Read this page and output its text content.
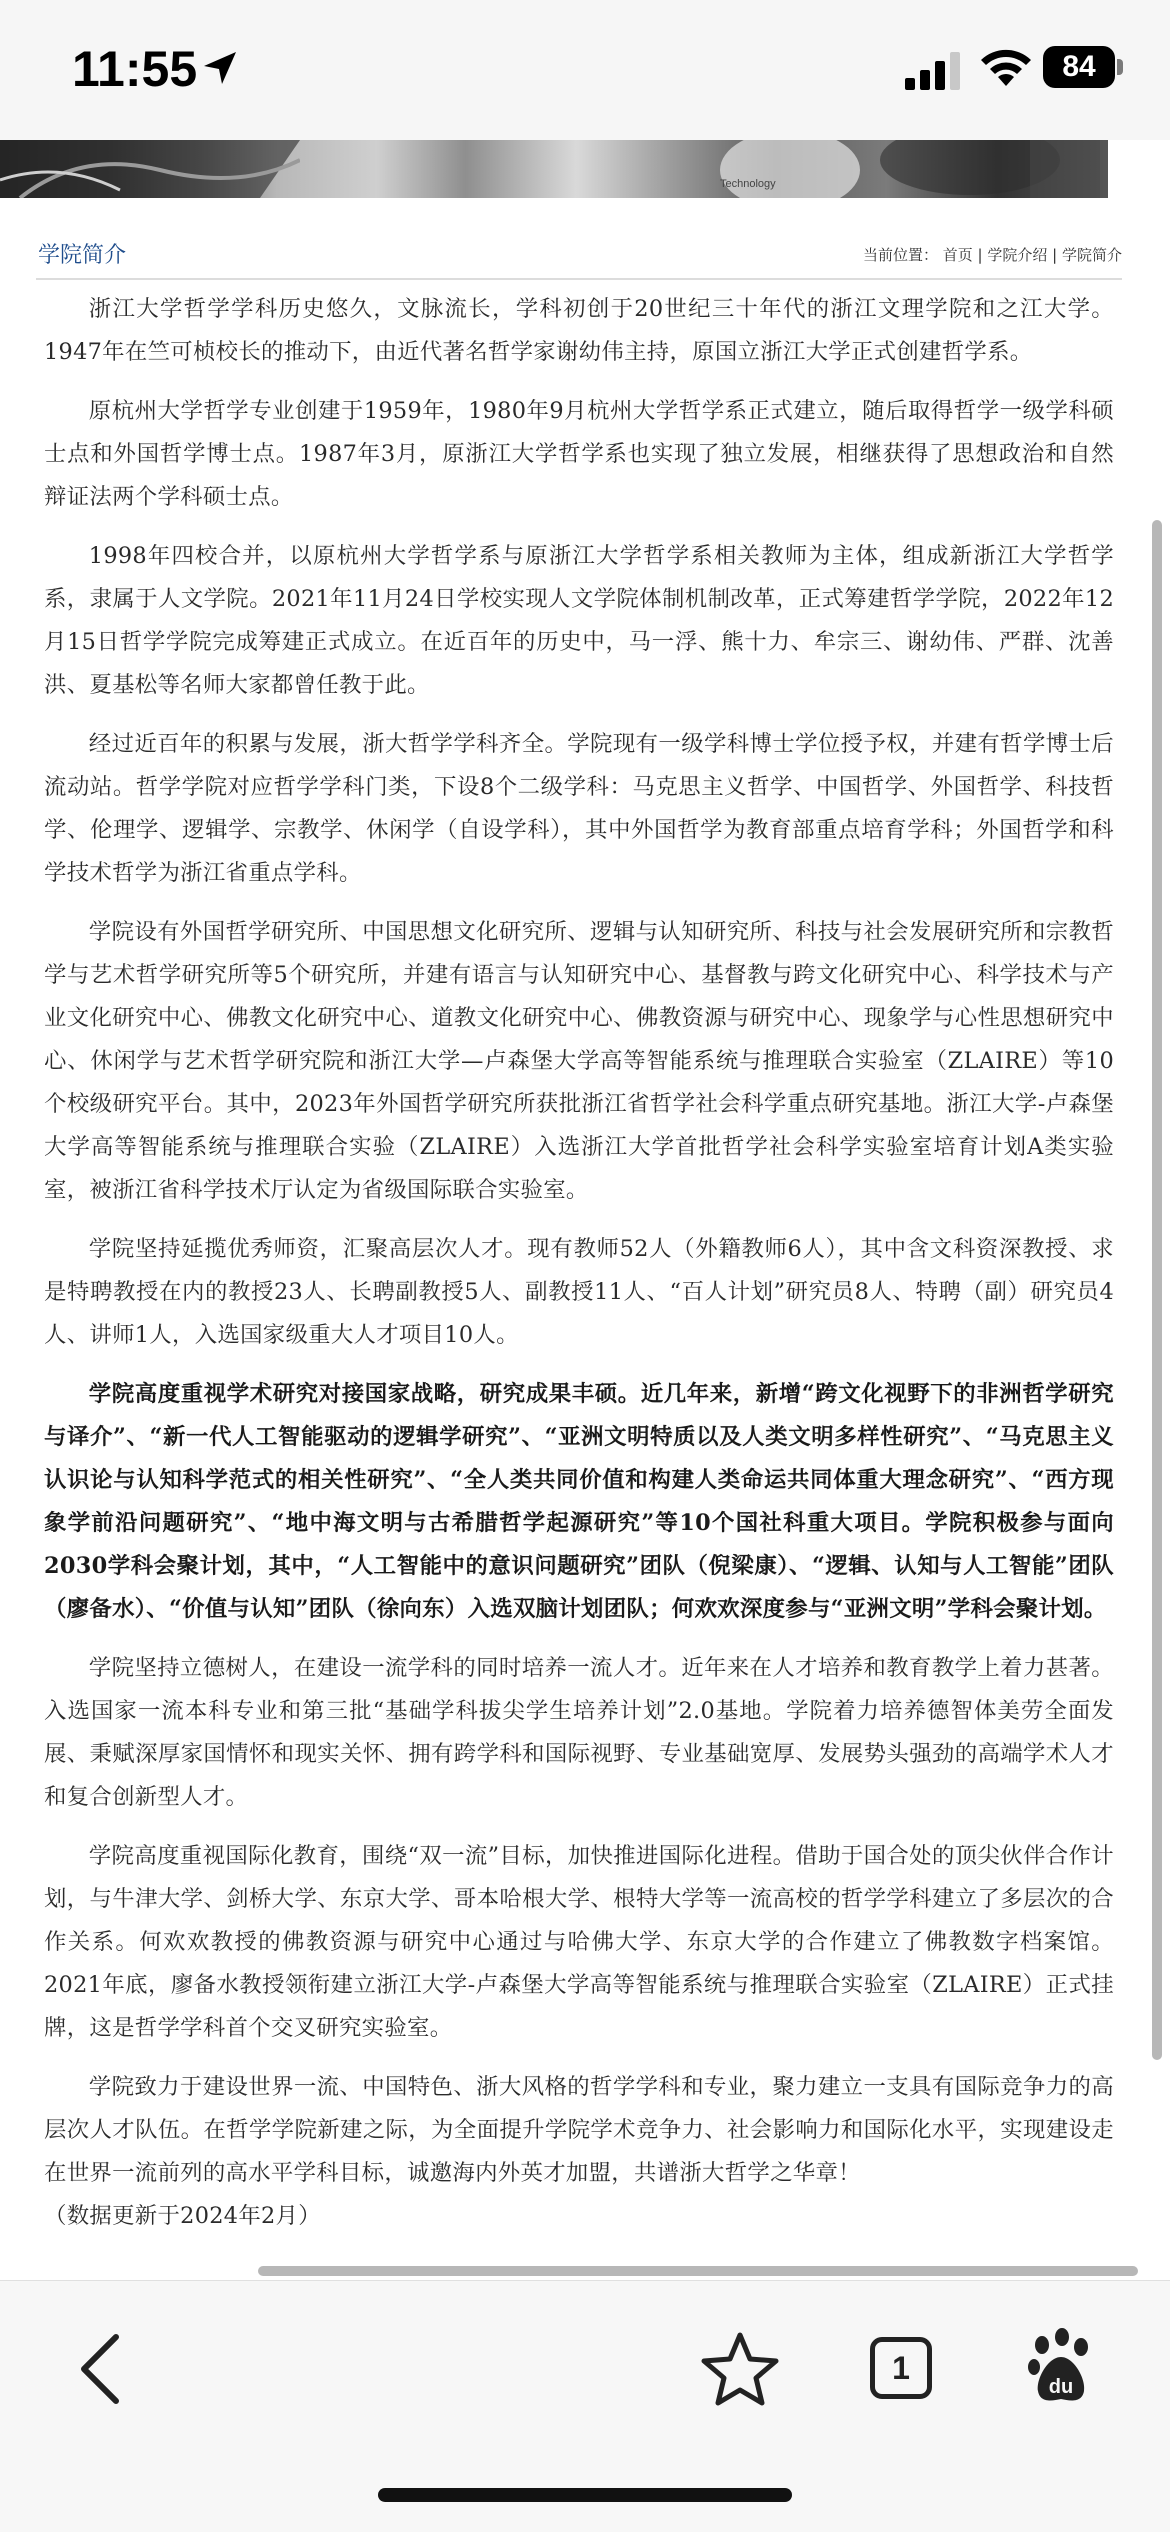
11:55	84
Technology
学院简介	当前位置： 首页 | 学院介绍 | 学院简介

浙江大学哲学学科历史悠久，文脉流长，学科初创于20世纪三十年代的浙江文理学院和之江大学。1947年在竺可桢校长的推动下，由近代著名哲学家谢幼伟主持，原国立浙江大学正式创建哲学系。

原杭州大学哲学专业创建于1959年，1980年9月杭州大学哲学系正式建立，随后取得哲学一级学科硕士点和外国哲学博士点。1987年3月，原浙江大学哲学系也实现了独立发展，相继获得了思想政治和自然辩证法两个学科硕士点。

1998年四校合并，以原杭州大学哲学系与原浙江大学哲学系相关教师为主体，组成新浙江大学哲学系，隶属于人文学院。2021年11月24日学校实现人文学院体制机制改革，正式筹建哲学学院，2022年12月15日哲学学院完成筹建正式成立。在近百年的历史中，马一浮、熊十力、牟宗三、谢幼伟、严群、沈善洪、夏基松等名师大家都曾任教于此。

经过近百年的积累与发展，浙大哲学学科齐全。学院现有一级学科博士学位授予权，并建有哲学博士后流动站。哲学学院对应哲学学科门类，下设8个二级学科：马克思主义哲学、中国哲学、外国哲学、科技哲学、伦理学、逻辑学、宗教学、休闲学（自设学科），其中外国哲学为教育部重点培育学科；外国哲学和科学技术哲学为浙江省重点学科。

学院设有外国哲学研究所、中国思想文化研究所、逻辑与认知研究所、科技与社会发展研究所和宗教哲学与艺术哲学研究所等5个研究所，并建有语言与认知研究中心、基督教与跨文化研究中心、科学技术与产业文化研究中心、佛教文化研究中心、道教文化研究中心、佛教资源与研究中心、现象学与心性思想研究中心、休闲学与艺术哲学研究院和浙江大学—卢森堡大学高等智能系统与推理联合实验室（ZLAIRE）等10个校级研究平台。其中，2023年外国哲学研究所获批浙江省哲学社会科学重点研究基地。浙江大学-卢森堡大学高等智能系统与推理联合实验（ZLAIRE）入选浙江大学首批哲学社会科学实验室培育计划A类实验室，被浙江省科学技术厅认定为省级国际联合实验室。

学院坚持延揽优秀师资，汇聚高层次人才。现有教师52人（外籍教师6人），其中含文科资深教授、求是特聘教授在内的教授23人、长聘副教授5人、副教授11人、“百人计划”研究员8人、特聘（副）研究员4人、讲师1人，入选国家级重大人才项目10人。

学院高度重视学术研究对接国家战略，研究成果丰硕。近几年来，新增“跨文化视野下的非洲哲学研究与译介”、“新一代人工智能驱动的逻辑学研究”、“亚洲文明特质以及人类文明多样性研究”、“马克思主义认识论与认知科学范式的相关性研究”、“全人类共同价值和构建人类命运共同体重大理念研究”、“西方现象学前沿问题研究”、“地中海文明与古希腊哲学起源研究”等10个国社科重大项目。学院积极参与面向2030学科会聚计划，其中，“人工智能中的意识问题研究”团队（倪梁康）、“逻辑、认知与人工智能”团队（廖备水）、“价值与认知”团队（徐向东）入选双脑计划团队；何欢欢深度参与“亚洲文明”学科会聚计划。

学院坚持立德树人，在建设一流学科的同时培养一流人才。近年来在人才培养和教育教学上着力甚著。入选国家一流本科专业和第三批“基础学科拔尖学生培养计划”2.0基地。学院着力培养德智体美劳全面发展、秉赋深厚家国情怀和现实关怀、拥有跨学科和国际视野、专业基础宽厚、发展势头强劲的高端学术人才和复合创新型人才。

学院高度重视国际化教育，围绕“双一流”目标，加快推进国际化进程。借助于国合处的顶尖伙伴合作计划，与牛津大学、剑桥大学、东京大学、哥本哈根大学、根特大学等一流高校的哲学学科建立了多层次的合作关系。何欢欢教授的佛教资源与研究中心通过与哈佛大学、东京大学的合作建立了佛教数字档案馆。2021年底，廖备水教授领衔建立浙江大学-卢森堡大学高等智能系统与推理联合实验室（ZLAIRE）正式挂牌，这是哲学学科首个交叉研究实验室。

学院致力于建设世界一流、中国特色、浙大风格的哲学学科和专业，聚力建立一支具有国际竞争力的高层次人才队伍。在哲学学院新建之际，为全面提升学院学术竞争力、社会影响力和国际化水平，实现建设走在世界一流前列的高水平学科目标，诚邀海内外英才加盟，共谱浙大哲学之华章！

（数据更新于2024年2月）

1
du
